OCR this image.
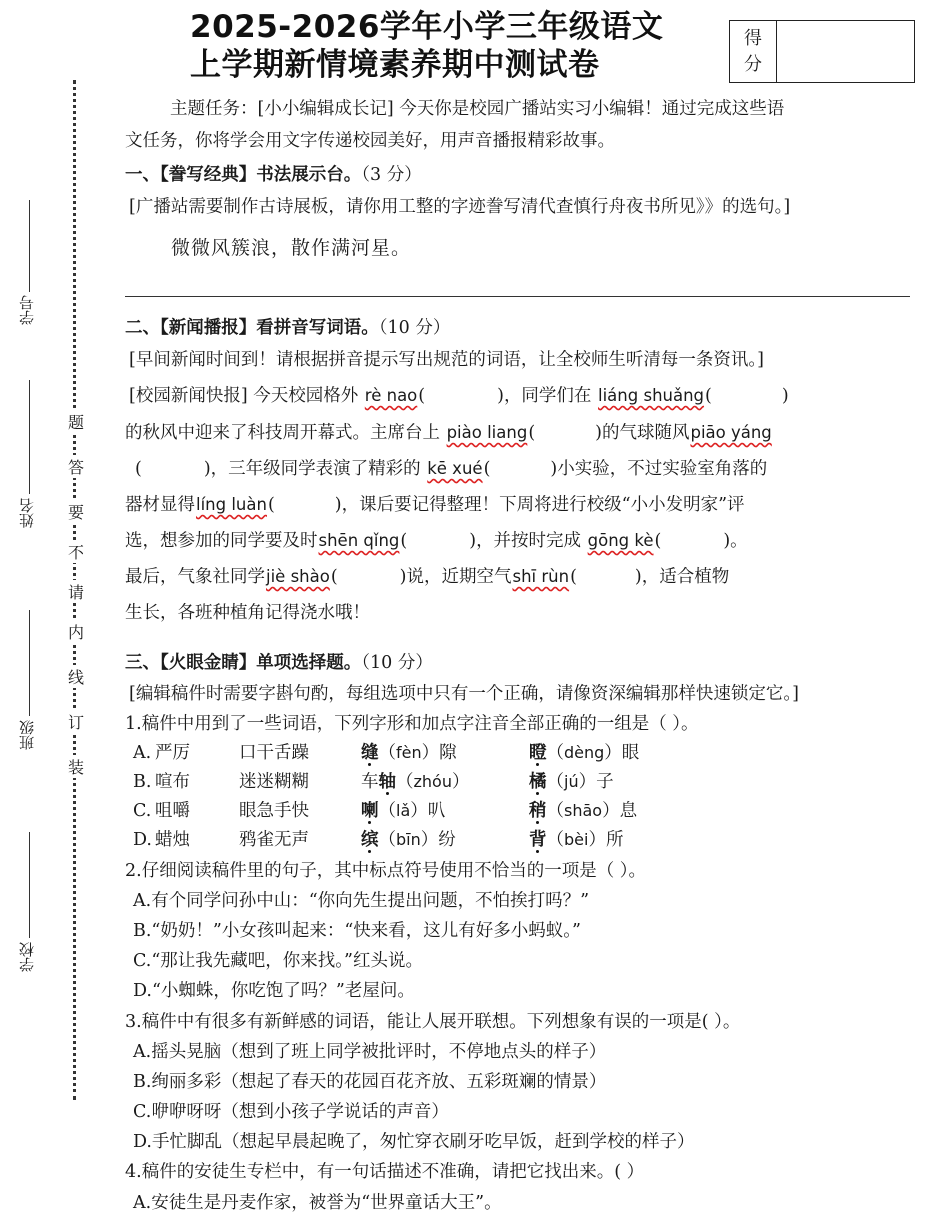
2025-2026学年小学三年级语文
上学期新情境素养期中测试卷
得
分
学号
姓名
班级
学校
题
答
要
不
请
内
线
订
装
主题任务：[小小编辑成长记] 今天你是校园广播站实习小编辑！通过完成这些语
文任务，你将学会用文字传递校园美好，用声音播报精彩故事。
一、【誊写经典】书法展示台。（3 分）
[广播站需要制作古诗展板，请你用工整的字迹誊写清代查慎行舟夜书所见》》的选句。]
微微风簇浪，散作满河星。
二、【新闻播报】看拼音写词语。（10 分）
[早间新闻时间到！请根据拼音提示写出规范的词语，让全校师生听清每一条资讯。]
[校园新闻快报] 今天校园格外 rè nao(	)，同学们在 liáng shuǎng(	)
的秋风中迎来了科技周开幕式。主席台上 piào liang(	)的气球随风piāo yáng
(	)，三年级同学表演了精彩的 kē xué(	)小实验，不过实验室角落的
器材显得líng luàn(	)，课后要记得整理！下周将进行校级“小小发明家”评
选，想参加的同学要及时shēn qǐng(	)，并按时完成 gōng kè(	)。
最后，气象社同学jiè shào(	)说，近期空气shī rùn(	)，适合植物
生长，各班种植角记得浇水哦！
三、【火眼金睛】单项选择题。（10 分）
[编辑稿件时需要字斟句酌，每组选项中只有一个正确，请像资深编辑那样快速锁定它。]
1.稿件中用到了一些词语，下列字形和加点字注音全部正确的一组是（ ）。
A. 严厉	口干舌躁	缝（fèn）隙	瞪（dèng）眼
B. 喧布	迷迷糊糊	车轴（zhóu）	橘（jú）子
C. 咀嚼	眼急手快	喇（lǎ）叭	稍（shāo）息
D. 蜡烛	鸦雀无声	缤（bīn）纷	背（bèi）所
2.仔细阅读稿件里的句子，其中标点符号使用不恰当的一项是（ ）。
A.有个同学问孙中山：“你向先生提出问题，不怕挨打吗？”
B.“奶奶！”小女孩叫起来：“快来看，这儿有好多小蚂蚁。”
C.“那让我先藏吧，你来找。”红头说。
D.“小蜘蛛，你吃饱了吗？”老屋问。
3.稿件中有很多有新鲜感的词语，能让人展开联想。下列想象有误的一项是( ）。
A.摇头晃脑（想到了班上同学被批评时，不停地点头的样子）
B.绚丽多彩（想起了春天的花园百花齐放、五彩斑斓的情景）
C.咿咿呀呀（想到小孩子学说话的声音）
D.手忙脚乱（想起早晨起晚了，匆忙穿衣刷牙吃早饭，赶到学校的样子）
4.稿件的安徒生专栏中，有一句话描述不准确，请把它找出来。( ）
A.安徒生是丹麦作家，被誉为“世界童话大王”。
